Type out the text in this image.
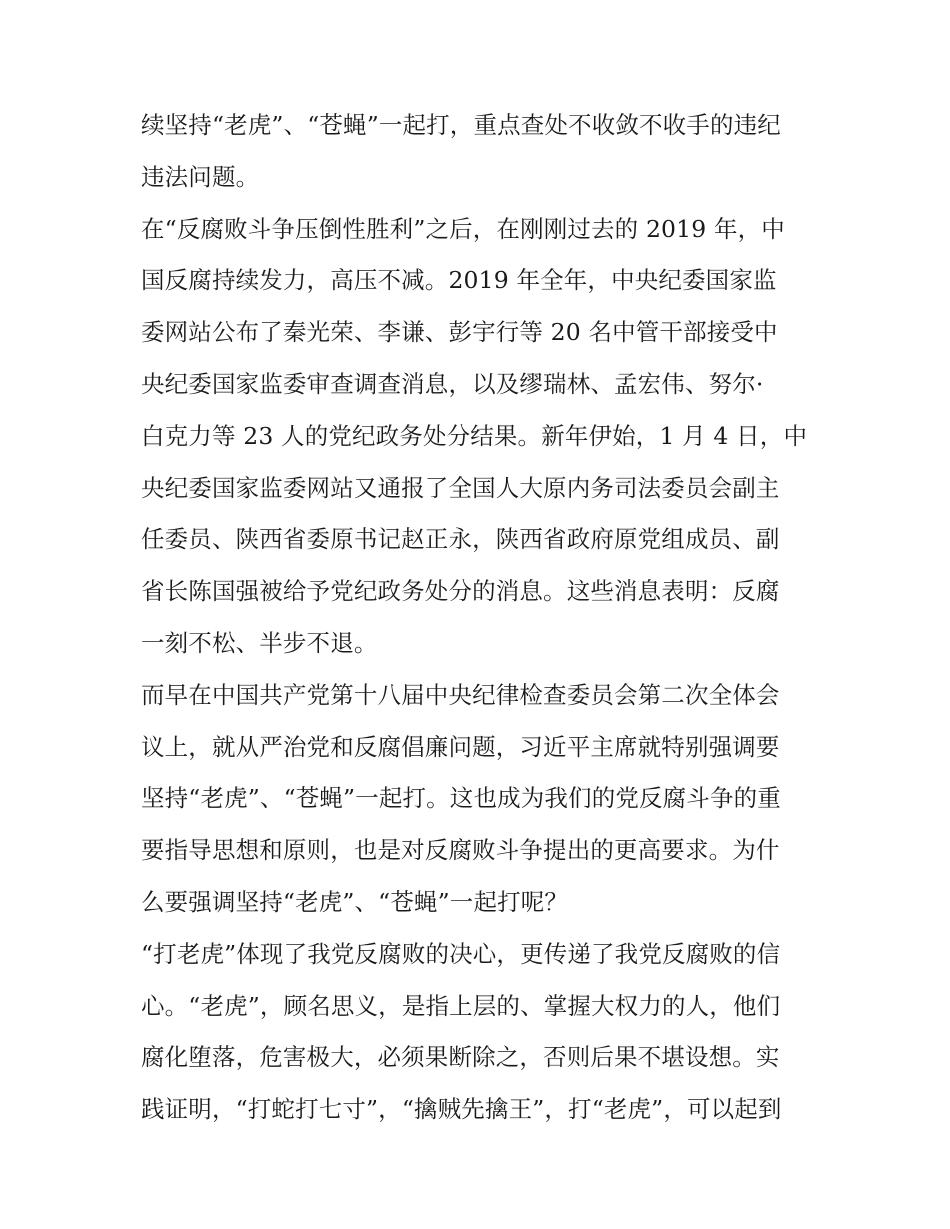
续坚持“老虎”、“苍蝇”一起打，重点查处不收敛不收手的违纪
违法问题。
在“反腐败斗争压倒性胜利”之后，在刚刚过去的 2019 年，中
国反腐持续发力，高压不减。2019 年全年，中央纪委国家监
委网站公布了秦光荣、李谦、彭宇行等 20 名中管干部接受中
央纪委国家监委审查调查消息，以及缪瑞林、孟宏伟、努尔·
白克力等 23 人的党纪政务处分结果。新年伊始，1 月 4 日，中
央纪委国家监委网站又通报了全国人大原内务司法委员会副主
任委员、陕西省委原书记赵正永，陕西省政府原党组成员、副
省长陈国强被给予党纪政务处分的消息。这些消息表明：反腐
一刻不松、半步不退。
而早在中国共产党第十八届中央纪律检查委员会第二次全体会
议上，就从严治党和反腐倡廉问题，习近平主席就特别强调要
坚持“老虎”、“苍蝇”一起打。这也成为我们的党反腐斗争的重
要指导思想和原则，也是对反腐败斗争提出的更高要求。为什
么要强调坚持“老虎”、“苍蝇”一起打呢？
“打老虎”体现了我党反腐败的决心，更传递了我党反腐败的信
心。“老虎”，顾名思义，是指上层的、掌握大权力的人，他们
腐化堕落，危害极大，必须果断除之，否则后果不堪设想。实
践证明，“打蛇打七寸”，“擒贼先擒王”，打“老虎”，可以起到
